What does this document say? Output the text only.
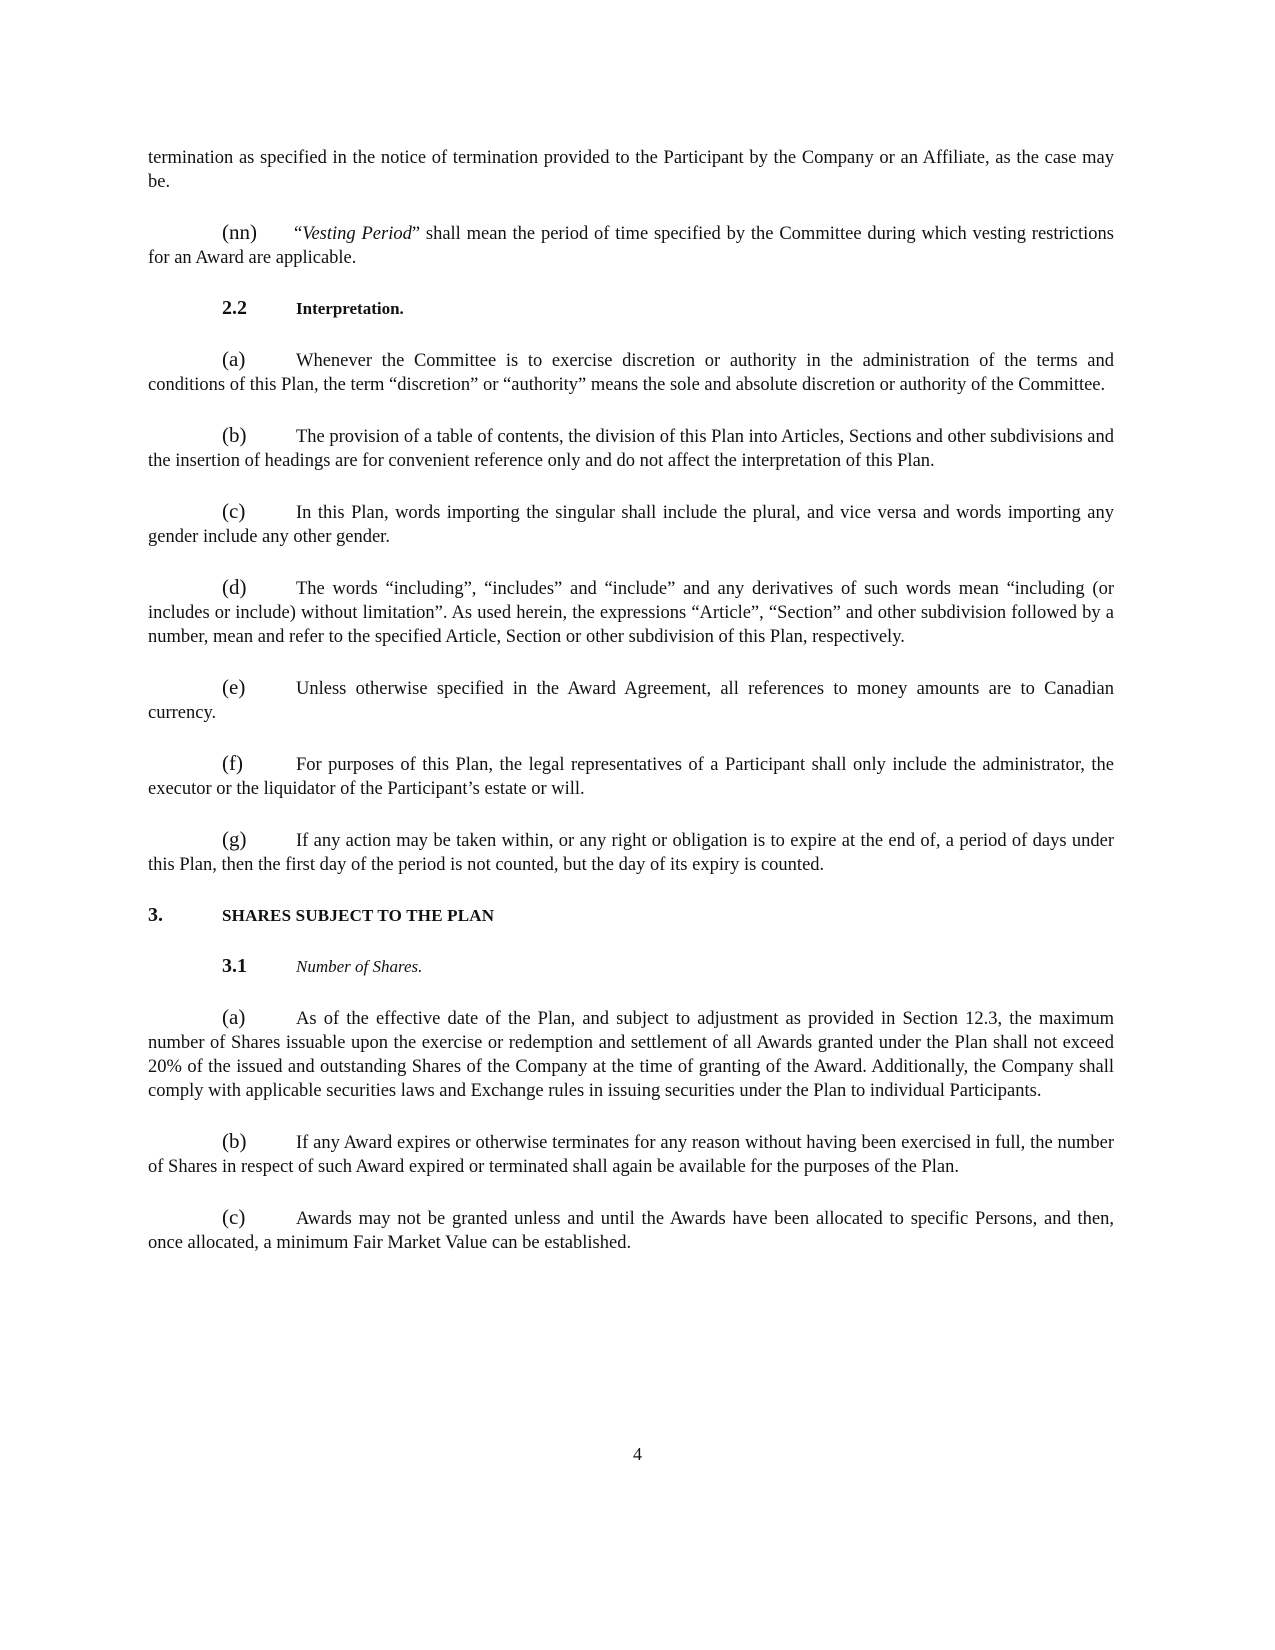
termination as specified in the notice of termination provided to the Participant by the Company or an Affiliate, as the case may be.

(nn) “Vesting Period” shall mean the period of time specified by the Committee during which vesting restrictions for an Award are applicable.

2.2	Interpretation.

(a)	Whenever the Committee is to exercise discretion or authority in the administration of the terms and conditions of this Plan, the term “discretion” or “authority” means the sole and absolute discretion or authority of the Committee.

(b)	The provision of a table of contents, the division of this Plan into Articles, Sections and other subdivisions and the insertion of headings are for convenient reference only and do not affect the interpretation of this Plan.

(c)	In this Plan, words importing the singular shall include the plural, and vice versa and words importing any gender include any other gender.

(d)	The words “including”, “includes” and “include” and any derivatives of such words mean “including (or includes or include) without limitation”. As used herein, the expressions “Article”, “Section” and other subdivision followed by a number, mean and refer to the specified Article, Section or other subdivision of this Plan, respectively.

(e)	Unless otherwise specified in the Award Agreement, all references to money amounts are to Canadian currency.

(f)	For purposes of this Plan, the legal representatives of a Participant shall only include the administrator, the executor or the liquidator of the Participant’s estate or will.

(g)	If any action may be taken within, or any right or obligation is to expire at the end of, a period of days under this Plan, then the first day of the period is not counted, but the day of its expiry is counted.

3.	SHARES SUBJECT TO THE PLAN
3.1	Number of Shares.

(a)	As of the effective date of the Plan, and subject to adjustment as provided in Section 12.3, the maximum number of Shares issuable upon the exercise or redemption and settlement of all Awards granted under the Plan shall not exceed 20% of the issued and outstanding Shares of the Company at the time of granting of the Award. Additionally, the Company shall comply with applicable securities laws and Exchange rules in issuing securities under the Plan to individual Participants.

(b)	If any Award expires or otherwise terminates for any reason without having been exercised in full, the number of Shares in respect of such Award expired or terminated shall again be available for the purposes of the Plan.

(c)	Awards may not be granted unless and until the Awards have been allocated to specific Persons, and then, once allocated, a minimum Fair Market Value can be established.

4
